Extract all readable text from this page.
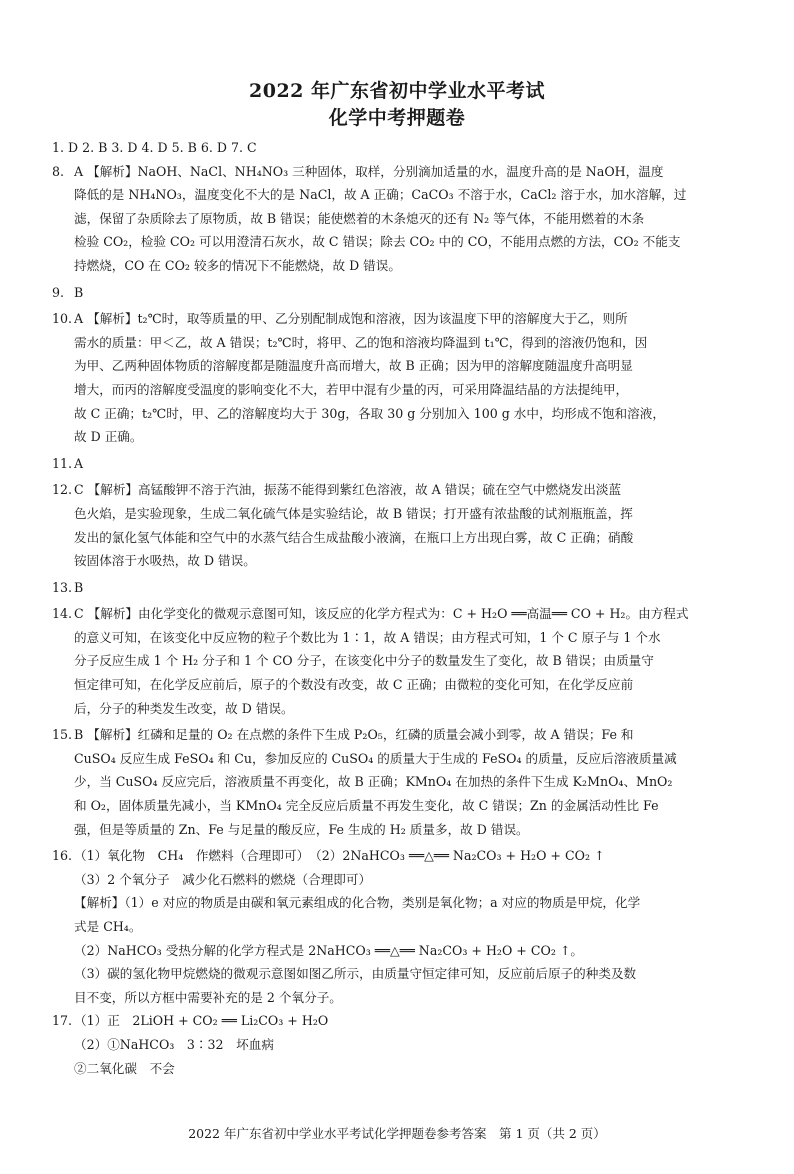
2022 年广东省初中学业水平考试
化学中考押题卷
1. D 2. B 3. D 4. D 5. B 6. D 7. C
8. A 【解析】NaOH、NaCl、NH₄NO₃ 三种固体，取样，分别滴加适量的水，温度升高的是 NaOH，温度
降低的是 NH₄NO₃，温度变化不大的是 NaCl，故 A 正确；CaCO₃ 不溶于水，CaCl₂ 溶于水，加水溶解，过
滤，保留了杂质除去了原物质，故 B 错误；能使燃着的木条熄灭的还有 N₂ 等气体，不能用燃着的木条
检验 CO₂，检验 CO₂ 可以用澄清石灰水，故 C 错误；除去 CO₂ 中的 CO，不能用点燃的方法，CO₂ 不能支
持燃烧，CO 在 CO₂ 较多的情况下不能燃烧，故 D 错误。
9. B
10. A 【解析】t₂℃时，取等质量的甲、乙分别配制成饱和溶液，因为该温度下甲的溶解度大于乙，则所
需水的质量：甲＜乙，故 A 错误；t₂℃时，将甲、乙的饱和溶液均降温到 t₁℃，得到的溶液仍饱和，因
为甲、乙两种固体物质的溶解度都是随温度升高而增大，故 B 正确；因为甲的溶解度随温度升高明显
增大，而丙的溶解度受温度的影响变化不大，若甲中混有少量的丙，可采用降温结晶的方法提纯甲，
故 C 正确；t₂℃时，甲、乙的溶解度均大于 30g，各取 30 g 分别加入 100 g 水中，均形成不饱和溶液，
故 D 正确。
11. A
12. C 【解析】高锰酸钾不溶于汽油，振荡不能得到紫红色溶液，故 A 错误；硫在空气中燃烧发出淡蓝
色火焰，是实验现象，生成二氧化硫气体是实验结论，故 B 错误；打开盛有浓盐酸的试剂瓶瓶盖，挥
发出的氯化氢气体能和空气中的水蒸气结合生成盐酸小液滴，在瓶口上方出现白雾，故 C 正确；硝酸
铵固体溶于水吸热，故 D 错误。
13. B
14. C 【解析】由化学变化的微观示意图可知，该反应的化学方程式为：C + H₂O ══高温══ CO + H₂。由方程式
的意义可知，在该变化中反应物的粒子个数比为 1∶1，故 A 错误；由方程式可知，1 个 C 原子与 1 个水
分子反应生成 1 个 H₂ 分子和 1 个 CO 分子，在该变化中分子的数量发生了变化，故 B 错误；由质量守
恒定律可知，在化学反应前后，原子的个数没有改变，故 C 正确；由微粒的变化可知，在化学反应前
后，分子的种类发生改变，故 D 错误。
15. B 【解析】红磷和足量的 O₂ 在点燃的条件下生成 P₂O₅，红磷的质量会减小到零，故 A 错误；Fe 和
CuSO₄ 反应生成 FeSO₄ 和 Cu，参加反应的 CuSO₄ 的质量大于生成的 FeSO₄ 的质量，反应后溶液质量减
少，当 CuSO₄ 反应完后，溶液质量不再变化，故 B 正确；KMnO₄ 在加热的条件下生成 K₂MnO₄、MnO₂
和 O₂，固体质量先减小，当 KMnO₄ 完全反应后质量不再发生变化，故 C 错误；Zn 的金属活动性比 Fe
强，但是等质量的 Zn、Fe 与足量的酸反应，Fe 生成的 H₂ 质量多，故 D 错误。
16. （1）氧化物　CH₄　作燃料（合理即可）　（2）2NaHCO₃ ══△══ Na₂CO₃ + H₂O + CO₂ ↑
（3）2 个氧分子　减少化石燃料的燃烧（合理即可）
【解析】（1）e 对应的物质是由碳和氧元素组成的化合物，类别是氧化物；a 对应的物质是甲烷，化学
式是 CH₄。
（2）NaHCO₃ 受热分解的化学方程式是 2NaHCO₃ ══△══ Na₂CO₃ + H₂O + CO₂ ↑。
（3）碳的氢化物甲烷燃烧的微观示意图如图乙所示，由质量守恒定律可知，反应前后原子的种类及数
目不变，所以方框中需要补充的是 2 个氧分子。
17. （1）正　2LiOH + CO₂ ══ Li₂CO₃ + H₂O
（2）①NaHCO₃　3∶32　坏血病
②二氧化碳　不会
2022 年广东省初中学业水平考试化学押题卷参考答案　第 1 页（共 2 页）
